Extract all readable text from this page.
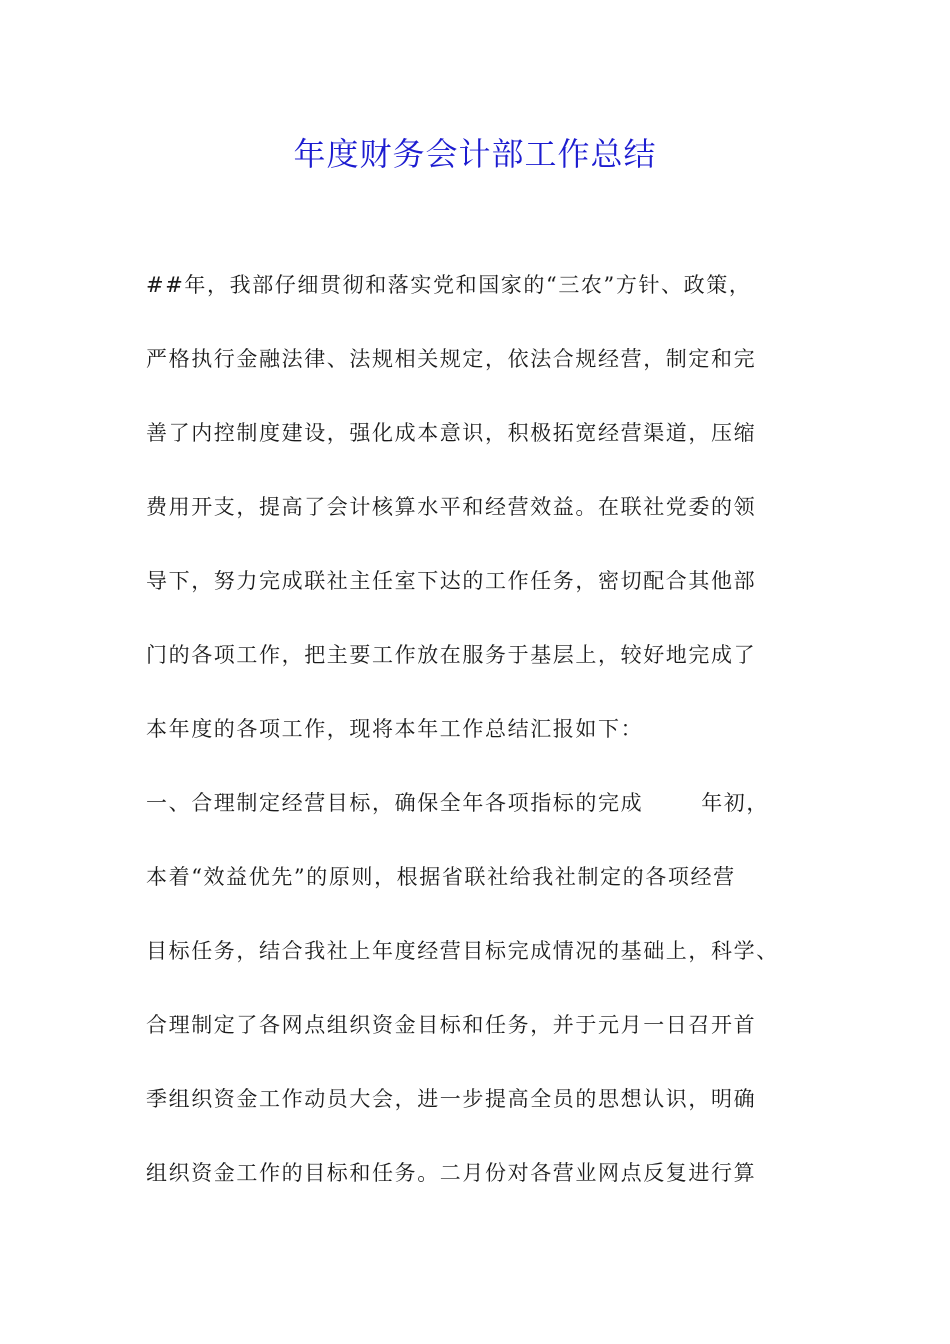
年度财务会计部工作总结
##年，我部仔细贯彻和落实党和国家的“三农”方针、政策，
严格执行金融法律、法规相关规定，依法合规经营，制定和完
善了内控制度建设，强化成本意识，积极拓宽经营渠道，压缩
费用开支，提高了会计核算水平和经营效益。在联社党委的领
导下，努力完成联社主任室下达的工作任务，密切配合其他部
门的各项工作，把主要工作放在服务于基层上，较好地完成了
本年度的各项工作，现将本年工作总结汇报如下：
一、合理制定经营目标，确保全年各项指标的完成	年初，
本着“效益优先”的原则，根据省联社给我社制定的各项经营
目标任务，结合我社上年度经营目标完成情况的基础上，科学、
合理制定了各网点组织资金目标和任务，并于元月一日召开首
季组织资金工作动员大会，进一步提高全员的思想认识，明确
组织资金工作的目标和任务。二月份对各营业网点反复进行算
